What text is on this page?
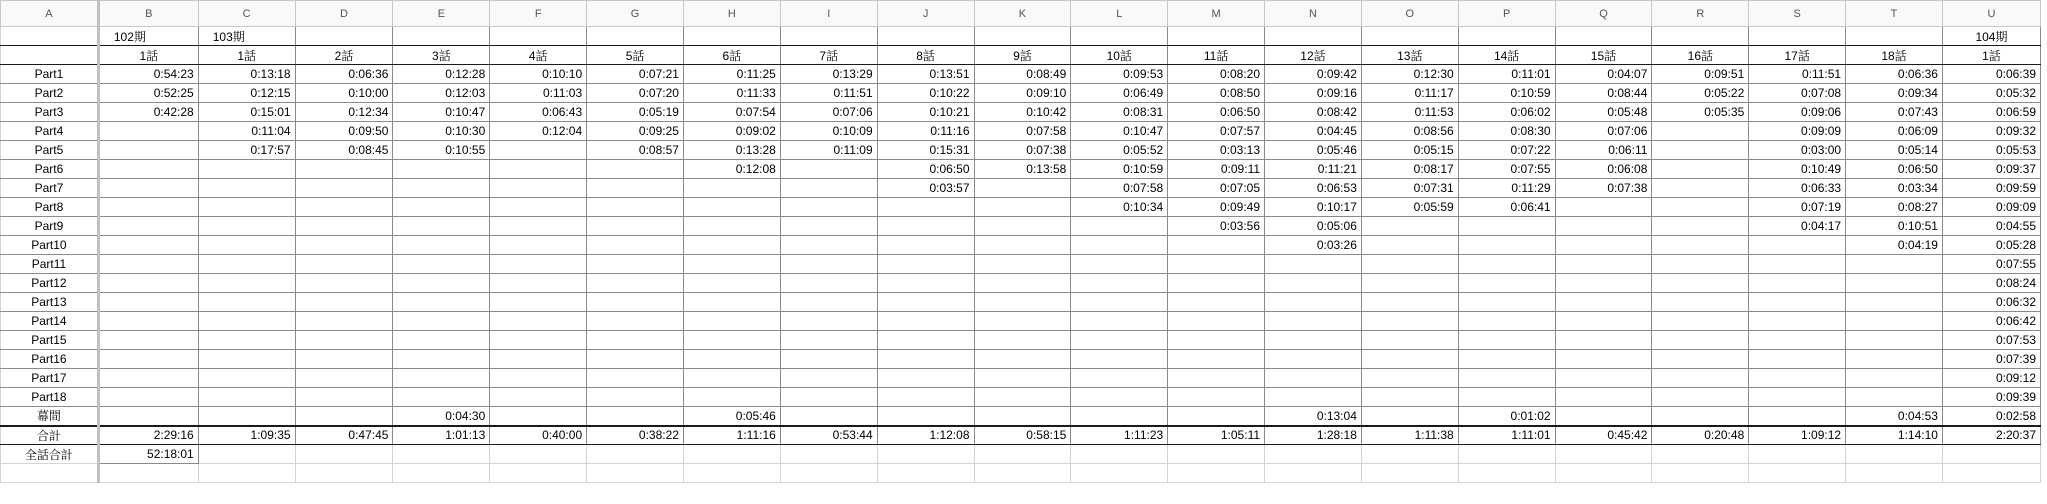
A	B	C	D	E	F	G	H	I	J	K	L	M	N	O	P	Q	R	S	T	U
	102期	103期																		104期
	1話	1話	2話	3話	4話	5話	6話	7話	8話	9話	10話	11話	12話	13話	14話	15話	16話	17話	18話	1話
Part1	0:54:23	0:13:18	0:06:36	0:12:28	0:10:10	0:07:21	0:11:25	0:13:29	0:13:51	0:08:49	0:09:53	0:08:20	0:09:42	0:12:30	0:11:01	0:04:07	0:09:51	0:11:51	0:06:36	0:06:39
Part2	0:52:25	0:12:15	0:10:00	0:12:03	0:11:03	0:07:20	0:11:33	0:11:51	0:10:22	0:09:10	0:06:49	0:08:50	0:09:16	0:11:17	0:10:59	0:08:44	0:05:22	0:07:08	0:09:34	0:05:32
Part3	0:42:28	0:15:01	0:12:34	0:10:47	0:06:43	0:05:19	0:07:54	0:07:06	0:10:21	0:10:42	0:08:31	0:06:50	0:08:42	0:11:53	0:06:02	0:05:48	0:05:35	0:09:06	0:07:43	0:06:59
Part4		0:11:04	0:09:50	0:10:30	0:12:04	0:09:25	0:09:02	0:10:09	0:11:16	0:07:58	0:10:47	0:07:57	0:04:45	0:08:56	0:08:30	0:07:06		0:09:09	0:06:09	0:09:32
Part5		0:17:57	0:08:45	0:10:55		0:08:57	0:13:28	0:11:09	0:15:31	0:07:38	0:05:52	0:03:13	0:05:46	0:05:15	0:07:22	0:06:11		0:03:00	0:05:14	0:05:53
Part6							0:12:08		0:06:50	0:13:58	0:10:59	0:09:11	0:11:21	0:08:17	0:07:55	0:06:08		0:10:49	0:06:50	0:09:37
Part7									0:03:57		0:07:58	0:07:05	0:06:53	0:07:31	0:11:29	0:07:38		0:06:33	0:03:34	0:09:59
Part8											0:10:34	0:09:49	0:10:17	0:05:59	0:06:41			0:07:19	0:08:27	0:09:09
Part9												0:03:56	0:05:06					0:04:17	0:10:51	0:04:55
Part10													0:03:26						0:04:19	0:05:28
Part11																				0:07:55
Part12																				0:08:24
Part13																				0:06:32
Part14																				0:06:42
Part15																				0:07:53
Part16																				0:07:39
Part17																				0:09:12
Part18																				0:09:39
幕間				0:04:30			0:05:46						0:13:04		0:01:02				0:04:53	0:02:58
合計	2:29:16	1:09:35	0:47:45	1:01:13	0:40:00	0:38:22	1:11:16	0:53:44	1:12:08	0:58:15	1:11:23	1:05:11	1:28:18	1:11:38	1:11:01	0:45:42	0:20:48	1:09:12	1:14:10	2:20:37
全話合計	52:18:01																			
